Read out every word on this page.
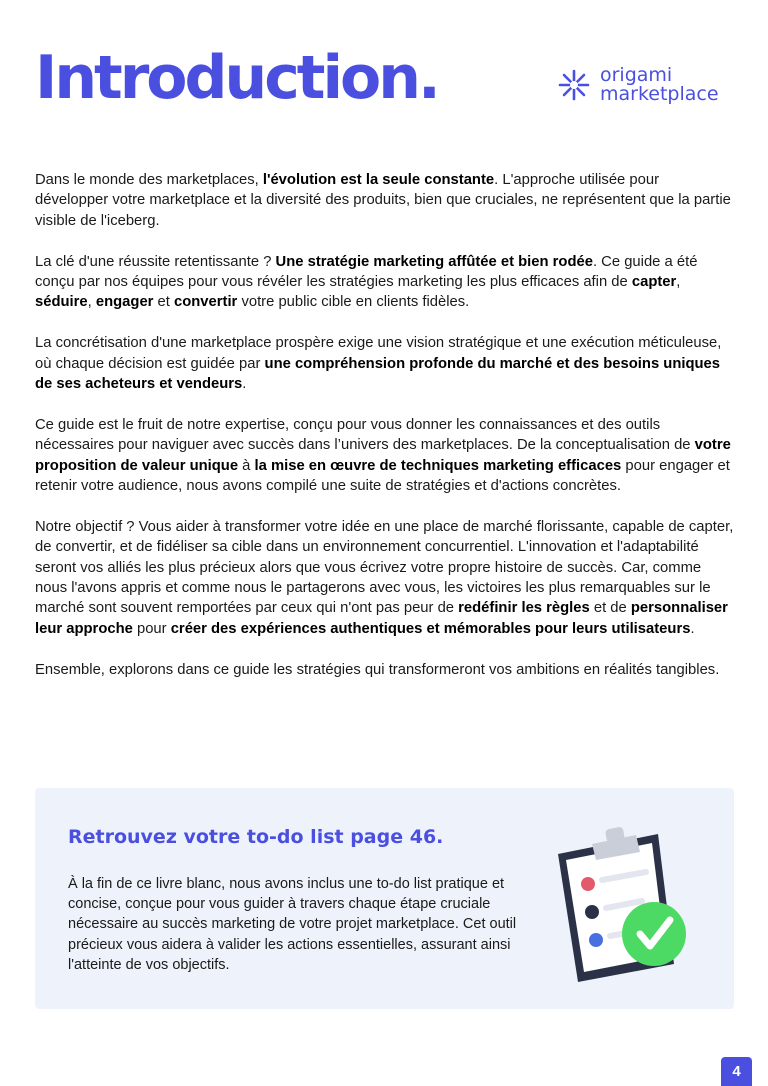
Introduction.	origami
marketplace

Dans le monde des marketplaces, l'évolution est la seule constante. L'approche utilisée pour développer votre marketplace et la diversité des produits, bien que cruciales, ne représentent que la partie visible de l'iceberg.

La clé d'une réussite retentissante ? Une stratégie marketing affûtée et bien rodée. Ce guide a été conçu par nos équipes pour vous révéler les stratégies marketing les plus efficaces afin de capter, séduire, engager et convertir votre public cible en clients fidèles.

La concrétisation d'une marketplace prospère exige une vision stratégique et une exécution méticuleuse, où chaque décision est guidée par une compréhension profonde du marché et des besoins uniques de ses acheteurs et vendeurs.

Ce guide est le fruit de notre expertise, conçu pour vous donner les connaissances et des outils nécessaires pour naviguer avec succès dans l’univers des marketplaces. De la conceptualisation de votre proposition de valeur unique à la mise en œuvre de techniques marketing efficaces pour engager et retenir votre audience, nous avons compilé une suite de stratégies et d'actions concrètes.

Notre objectif ? Vous aider à transformer votre idée en une place de marché florissante, capable de capter, de convertir, et de fidéliser sa cible dans un environnement concurrentiel. L'innovation et l'adaptabilité seront vos alliés les plus précieux alors que vous écrivez votre propre histoire de succès. Car, comme nous l'avons appris et comme nous le partagerons avec vous, les victoires les plus remarquables sur le marché sont souvent remportées par ceux qui n'ont pas peur de redéfinir les règles et de personnaliser leur approche pour créer des expériences authentiques et mémorables pour leurs utilisateurs.

Ensemble, explorons dans ce guide les stratégies qui transformeront vos ambitions en réalités tangibles.

Retrouvez votre to-do list page 46.
À la fin de ce livre blanc, nous avons inclus une to-do list pratique et concise, conçue pour vous guider à travers chaque étape cruciale nécessaire au succès marketing de votre projet marketplace. Cet outil précieux vous aidera à valider les actions essentielles, assurant ainsi l'atteinte de vos objectifs.
4
